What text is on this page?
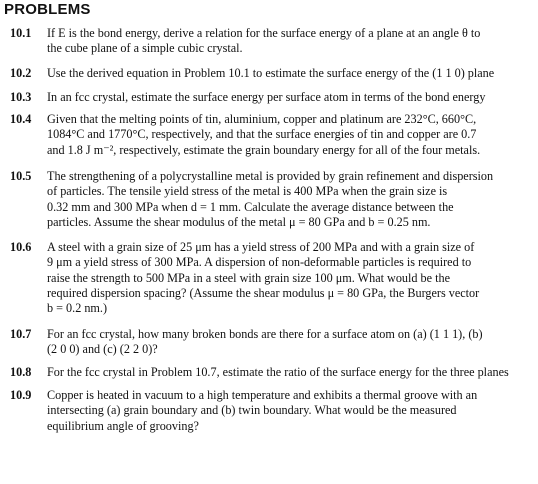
PROBLEMS
10.1 If E is the bond energy, derive a relation for the surface energy of a plane at an angle θ to
the cube plane of a simple cubic crystal.
10.2 Use the derived equation in Problem 10.1 to estimate the surface energy of the (1 1 0) plane
10.3 In an fcc crystal, estimate the surface energy per surface atom in terms of the bond energy
10.4 Given that the melting points of tin, aluminium, copper and platinum are 232°C, 660°C,
1084°C and 1770°C, respectively, and that the surface energies of tin and copper are 0.7
and 1.8 J m⁻², respectively, estimate the grain boundary energy for all of the four metals.
10.5 The strengthening of a polycrystalline metal is provided by grain refinement and dispersion
of particles. The tensile yield stress of the metal is 400 MPa when the grain size is
0.32 mm and 300 MPa when d = 1 mm. Calculate the average distance between the
particles. Assume the shear modulus of the metal μ = 80 GPa and b = 0.25 nm.
10.6 A steel with a grain size of 25 μm has a yield stress of 200 MPa and with a grain size of
9 μm a yield stress of 300 MPa. A dispersion of non-deformable particles is required to
raise the strength to 500 MPa in a steel with grain size 100 μm. What would be the
required dispersion spacing? (Assume the shear modulus μ = 80 GPa, the Burgers vector
b = 0.2 nm.)
10.7 For an fcc crystal, how many broken bonds are there for a surface atom on (a) (1 1 1), (b)
(2 0 0) and (c) (2 2 0)?
10.8 For the fcc crystal in Problem 10.7, estimate the ratio of the surface energy for the three planes
10.9 Copper is heated in vacuum to a high temperature and exhibits a thermal groove with an
intersecting (a) grain boundary and (b) twin boundary. What would be the measured
equilibrium angle of grooving?
